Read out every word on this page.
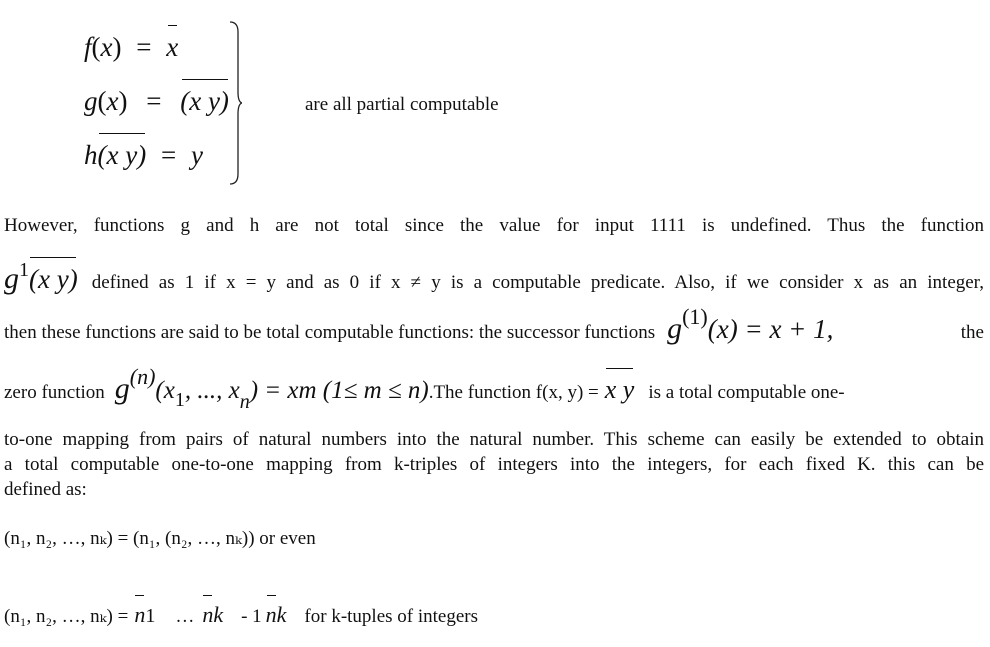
f(x) = x
g(x) = (x y)
h(x y) = y
are all partial computable
However, functions g and h are not total since the value for input 1111 is undefined. Thus the function
$g^1$ (x y) defined as 1 if x = y and as 0 if x ≠ y is a computable predicate. Also, if we consider x as an integer,
then these functions are said to be total computable functions: the successor functions $g^{(1)}$ (x) = x + 1,	the
zero function $g^{(n)}$
($x_1$ , ..., $x_n$ ) = xm (1≤ m ≤ n) .The function f(x, y) = x y is a total computable one-
to-one mapping from pairs of natural numbers into the natural number. This scheme can easily be extended to obtain
a total computable one-to-one mapping from k-triples of integers into the integers, for each fixed K. this can be
defined as:
(n₁, n₂, …, nₖ) = (n₁, (n₂, …, nₖ)) or even
(n₁, n₂, …, nₖ) = n 1 … n k - 1 n k for k-tuples of integers
